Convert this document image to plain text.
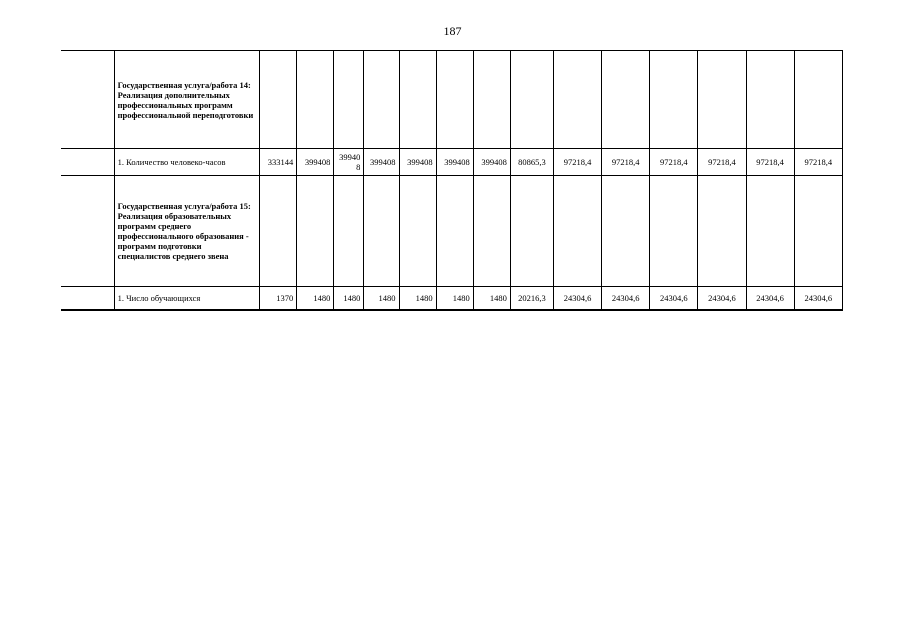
187
	Государственная услуга/работа 14: Реализация дополнительных профессиональных программ профессиональной переподготовки														
	1. Количество человеко-часов	333144	399408	399408	399408	399408	399408	399408	80865,3	97218,4	97218,4	97218,4	97218,4	97218,4	97218,4
	Государственная услуга/работа 15: Реализация образовательных программ среднего профессионального образования - программ подготовки специалистов среднего звена														
	1. Число обучающихся	1370	1480	1480	1480	1480	1480	1480	20216,3	24304,6	24304,6	24304,6	24304,6	24304,6	24304,6
